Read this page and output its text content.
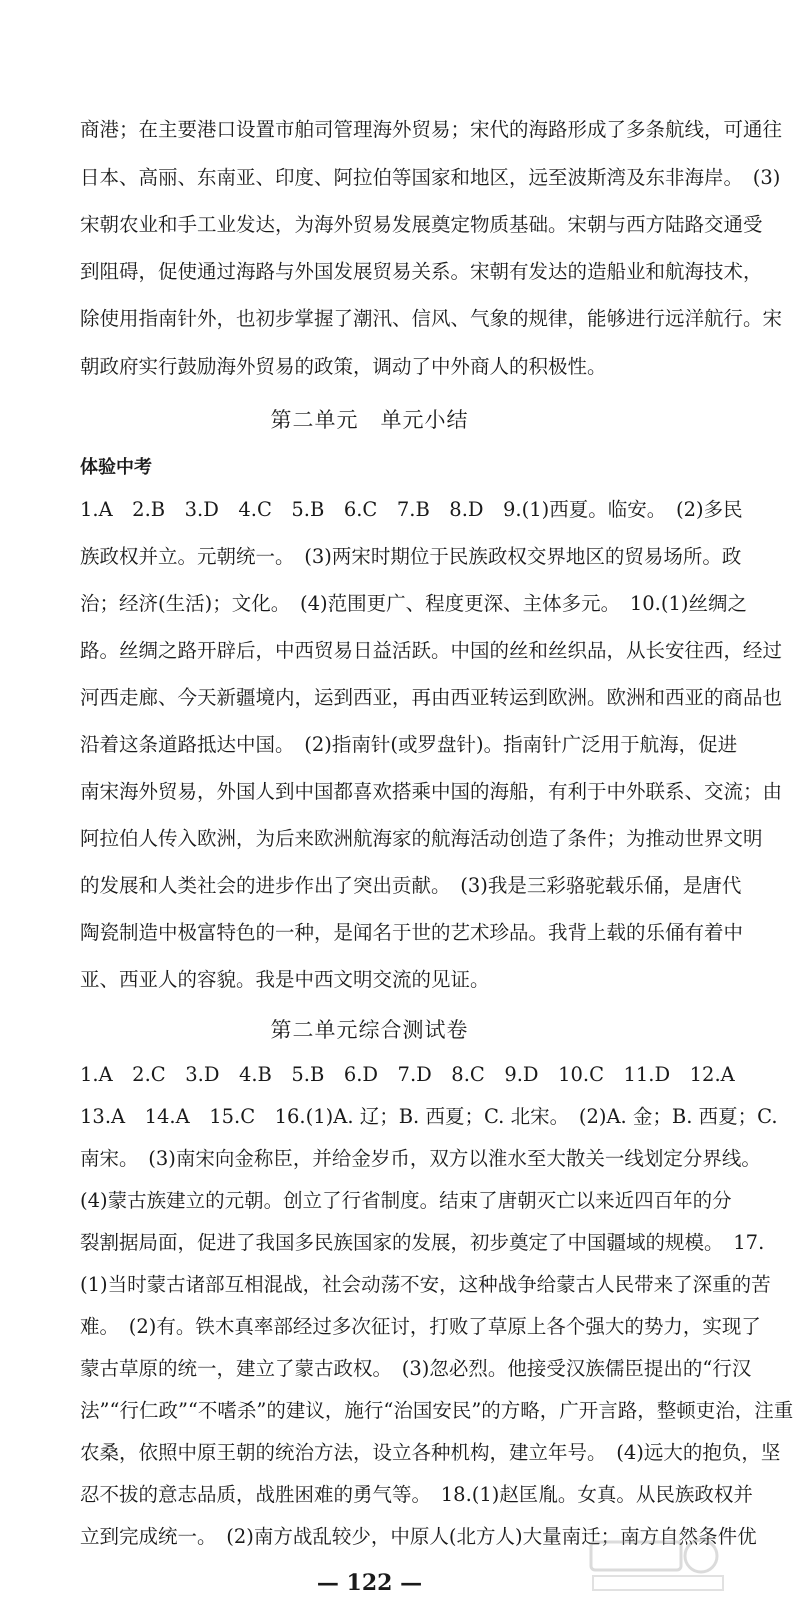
商港；在主要港口设置市舶司管理海外贸易；宋代的海路形成了多条航线，可通往
日本、高丽、东南亚、印度、阿拉伯等国家和地区，远至波斯湾及东非海岸。　(3)
宋朝农业和手工业发达，为海外贸易发展奠定物质基础。宋朝与西方陆路交通受
到阻碍，促使通过海路与外国发展贸易关系。宋朝有发达的造船业和航海技术，
除使用指南针外，也初步掌握了潮汛、信风、气象的规律，能够进行远洋航行。宋
朝政府实行鼓励海外贸易的政策，调动了中外商人的积极性。
第二单元　单元小结
体验中考
1.A　2.B　3.D　4.C　5.B　6.C　7.B　8.D　9.(1)西夏。临安。　(2)多民
族政权并立。元朝统一。　(3)两宋时期位于民族政权交界地区的贸易场所。政
治；经济(生活)；文化。　(4)范围更广、程度更深、主体多元。　10.(1)丝绸之
路。丝绸之路开辟后，中西贸易日益活跃。中国的丝和丝织品，从长安往西，经过
河西走廊、今天新疆境内，运到西亚，再由西亚转运到欧洲。欧洲和西亚的商品也
沿着这条道路抵达中国。　(2)指南针(或罗盘针)。指南针广泛用于航海，促进
南宋海外贸易，外国人到中国都喜欢搭乘中国的海船，有利于中外联系、交流；由
阿拉伯人传入欧洲，为后来欧洲航海家的航海活动创造了条件；为推动世界文明
的发展和人类社会的进步作出了突出贡献。　(3)我是三彩骆驼载乐俑，是唐代
陶瓷制造中极富特色的一种，是闻名于世的艺术珍品。我背上载的乐俑有着中
亚、西亚人的容貌。我是中西文明交流的见证。
第二单元综合测试卷
1.A　2.C　3.D　4.B　5.B　6.D　7.D　8.C　9.D　10.C　11.D　12.A
13.A　14.A　15.C　16.(1)A. 辽；B. 西夏；C. 北宋。　(2)A. 金；B. 西夏；C.
南宋。　(3)南宋向金称臣，并给金岁币，双方以淮水至大散关一线划定分界线。
(4)蒙古族建立的元朝。创立了行省制度。结束了唐朝灭亡以来近四百年的分
裂割据局面，促进了我国多民族国家的发展，初步奠定了中国疆域的规模。　17.
(1)当时蒙古诸部互相混战，社会动荡不安，这种战争给蒙古人民带来了深重的苦
难。　(2)有。铁木真率部经过多次征讨，打败了草原上各个强大的势力，实现了
蒙古草原的统一，建立了蒙古政权。　(3)忽必烈。他接受汉族儒臣提出的“行汉
法”“行仁政”“不嗜杀”的建议，施行“治国安民”的方略，广开言路，整顿吏治，注重
农桑，依照中原王朝的统治方法，设立各种机构，建立年号。　(4)远大的抱负，坚
忍不拔的意志品质，战胜困难的勇气等。　18.(1)赵匡胤。女真。从民族政权并
立到完成统一。　(2)南方战乱较少，中原人(北方人)大量南迁；南方自然条件优
— 122 —
